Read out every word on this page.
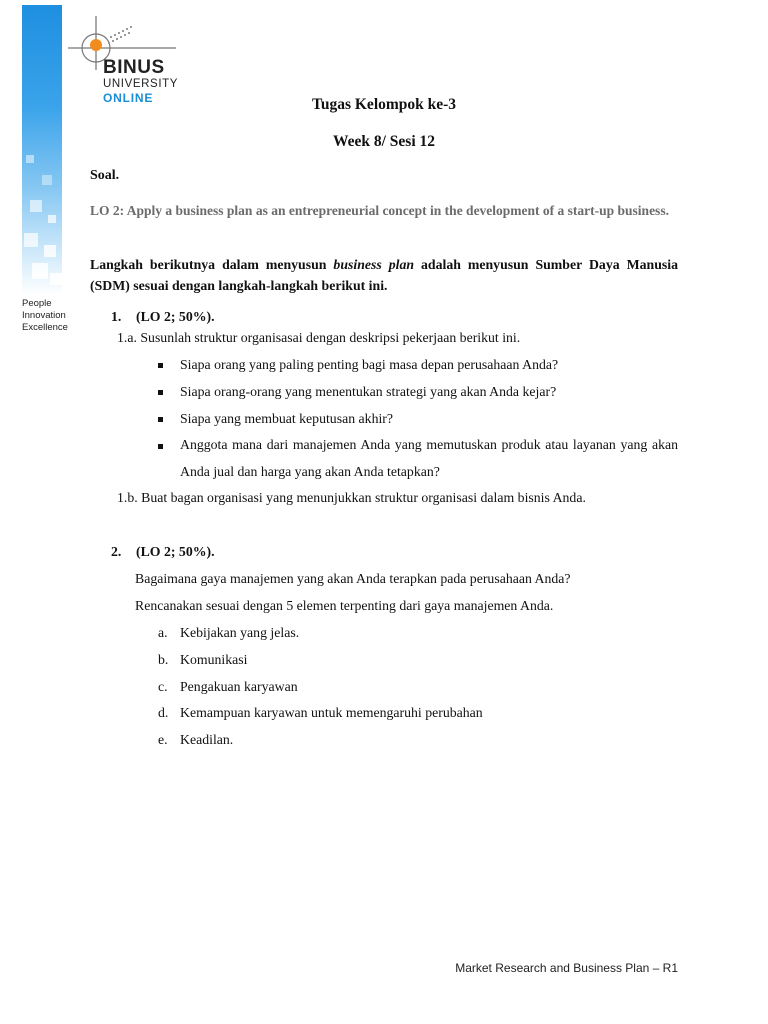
People
Innovation
Excellence
BINUS
UNIVERSITY
ONLINE	Tugas Kelompok ke-3
Week 8/ Sesi 12
Soal.
LO 2: Apply a business plan as an entrepreneurial concept in the development of a start-up business.
Langkah berikutnya dalam menyusun business plan adalah menyusun Sumber Daya Manusia (SDM) sesuai dengan langkah-langkah berikut ini.
1. (LO 2; 50%).
1.a. Susunlah struktur organisasai dengan deskripsi pekerjaan berikut ini.
Siapa orang yang paling penting bagi masa depan perusahaan Anda?
Siapa orang-orang yang menentukan strategi yang akan Anda kejar?
Siapa yang membuat keputusan akhir?
Anggota mana dari manajemen Anda yang memutuskan produk atau layanan yang akan Anda jual dan harga yang akan Anda tetapkan?
1.b. Buat bagan organisasi yang menunjukkan struktur organisasi dalam bisnis Anda.
2. (LO 2; 50%).
Bagaimana gaya manajemen yang akan Anda terapkan pada perusahaan Anda?
Rencanakan sesuai dengan 5 elemen terpenting dari gaya manajemen Anda.
a. Kebijakan yang jelas.
b. Komunikasi
c. Pengakuan karyawan
d. Kemampuan karyawan untuk memengaruhi perubahan
e. Keadilan.
Market Research and Business Plan – R1
